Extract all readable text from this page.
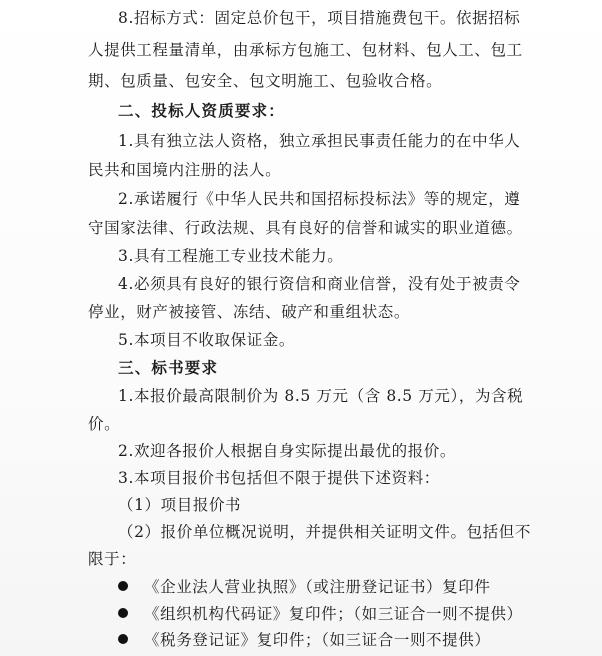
8.招标方式：固定总价包干，项目措施费包干。依据招标
人提供工程量清单，由承标方包施工、包材料、包人工、包工
期、包质量、包安全、包文明施工、包验收合格。
二、投标人资质要求：
1.具有独立法人资格，独立承担民事责任能力的在中华人
民共和国境内注册的法人。
2.承诺履行《中华人民共和国招标投标法》等的规定，遵
守国家法律、行政法规、具有良好的信誉和诚实的职业道德。
3.具有工程施工专业技术能力。
4.必须具有良好的银行资信和商业信誉，没有处于被责令
停业，财产被接管、冻结、破产和重组状态。
5.本项目不收取保证金。
三、标书要求
1.本报价最高限制价为 8.5 万元（含 8.5 万元），为含税
价。
2.欢迎各报价人根据自身实际提出最优的报价。
3.本项目报价书包括但不限于提供下述资料：
（1）项目报价书
（2）报价单位概况说明，并提供相关证明文件。包括但不
限于：
《企业法人营业执照》（或注册登记证书）复印件
《组织机构代码证》复印件；（如三证合一则不提供）
《税务登记证》复印件；（如三证合一则不提供）
